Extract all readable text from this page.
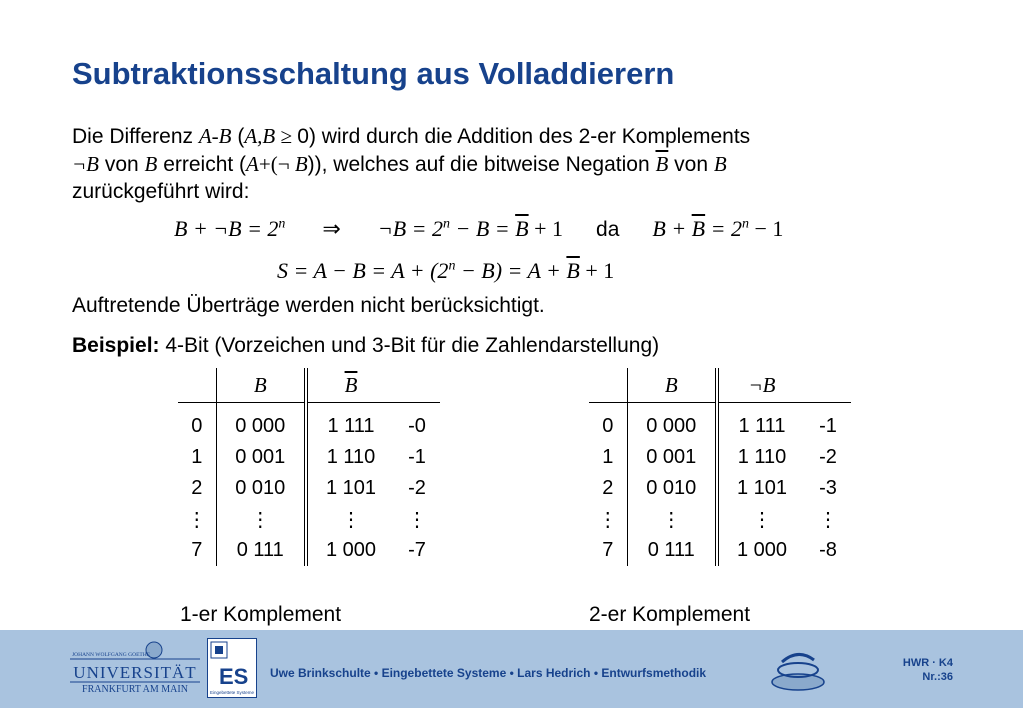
Subtraktionsschaltung aus Volladdierern
Die Differenz A-B (A,B ≥ 0) wird durch die Addition des 2-er Komplements
¬B von B erreicht (A+(¬ B)), welches auf die bitweise Negation $\overline{B}$ von B
zurückgeführt wird:
B + ¬B = $2^n$ ⇒ ¬B = $2^n - B = \overline{B} + 1$ da $B + \overline{B} = 2^n - 1$
$S = A - B = A + (2^n - B) = A + \overline{B} + 1$
Auftretende Überträge werden nicht berücksichtigt.
Beispiel: 4-Bit (Vorzeichen und 3-Bit für die Zahlendarstellung)
	B	$\overline{B}$	

0	0 000	1 111	-0
1	0 001	1 110	-1
2	0 010	1 101	-2
⋮	⋮	⋮	⋮
7	0 111	1 000	-7
	B	¬B	

0	0 000	1 111	-1
1	0 001	1 110	-2
2	0 010	1 101	-3
⋮	⋮	⋮	⋮
7	0 111	1 000	-8
1-er Komplement	2-er Komplement
JOHANN WOLFGANG GOETHE
UNIVERSITÄT
FRANKFURT AM MAIN
ES
Eingebettete Systeme
Uwe Brinkschulte • Eingebettete Systeme • Lars Hedrich • Entwurfsmethodik
HWR · K4
Nr.:36
